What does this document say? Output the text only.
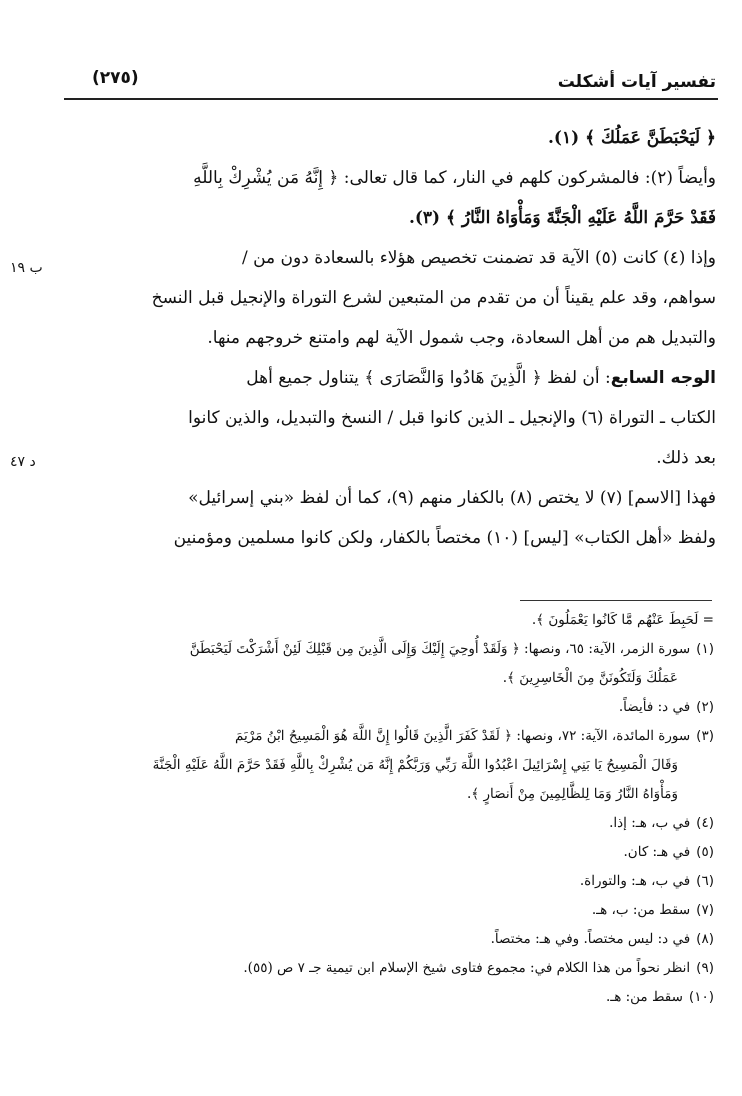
تفسير آيات أشكلت
(٢٧٥)
ب ١٩
د ٤٧

﴿ لَيَحْبَطَنَّ عَمَلُكَ ﴾ (١).

وأيضاً (٢): فالمشركون كلهم في النار، كما قال تعالى: ﴿ إِنَّهُ مَن يُشْرِكْ بِاللَّهِ

فَقَدْ حَرَّمَ اللَّهُ عَلَيْهِ الْجَنَّةَ وَمَأْوَاهُ النَّارُ ﴾ (٣).

وإذا (٤) كانت (٥) الآية قد تضمنت تخصيص هؤلاء بالسعادة دون من /

سواهم، وقد علم يقيناً أن من تقدم من المتبعين لشرع التوراة والإنجيل قبل النسخ

والتبديل هم من أهل السعادة، وجب شمول الآية لهم وامتنع خروجهم منها.

الوجه السابع: أن لفظ ﴿ الَّذِينَ هَادُوا وَالنَّصَارَى ﴾ يتناول جميع أهل

الكتاب ـ التوراة (٦) والإنجيل ـ الذين كانوا قبل / النسخ والتبديل، والذين كانوا

بعد ذلك.

فهذا [الاسم] (٧) لا يختص (٨) بالكفار منهم (٩)، كما أن لفظ «بني إسرائيل»

ولفظ «أهل الكتاب» [ليس] (١٠) مختصاً بالكفار، ولكن كانوا مسلمين ومؤمنين

= لَحَبِطَ عَنْهُم مَّا كَانُوا يَعْمَلُونَ ﴾.

(١)سورة الزمر، الآية: ٦٥، ونصها: ﴿ وَلَقَدْ أُوحِيَ إِلَيْكَ وَإِلَى الَّذِينَ مِن قَبْلِكَ لَئِنْ أَشْرَكْتَ لَيَحْبَطَنَّ

عَمَلُكَ وَلَتَكُونَنَّ مِنَ الْخَاسِرِينَ ﴾.

(٢)في د: فأيضاً.

(٣)سورة المائدة، الآية: ٧٢، ونصها: ﴿ لَقَدْ كَفَرَ الَّذِينَ قَالُوا إِنَّ اللَّهَ هُوَ الْمَسِيحُ ابْنُ مَرْيَمَ

وَقَالَ الْمَسِيحُ يَا بَنِي إِسْرَائِيلَ اعْبُدُوا اللَّهَ رَبِّي وَرَبَّكُمْ إِنَّهُ مَن يُشْرِكْ بِاللَّهِ فَقَدْ حَرَّمَ اللَّهُ عَلَيْهِ الْجَنَّةَ

وَمَأْوَاهُ النَّارُ وَمَا لِلظَّالِمِينَ مِنْ أَنصَارٍ ﴾.

(٤)في ب، هـ: إذا.

(٥)في هـ: كان.

(٦)في ب، هـ: والتوراة.

(٧)سقط من: ب، هـ.

(٨)في د: ليس مختصاً. وفي هـ: مختصاً.

(٩)انظر نحواً من هذا الكلام في: مجموع فتاوى شيخ الإسلام ابن تيمية جـ ٧ ص (٥٥).

(١٠)سقط من: هـ.
